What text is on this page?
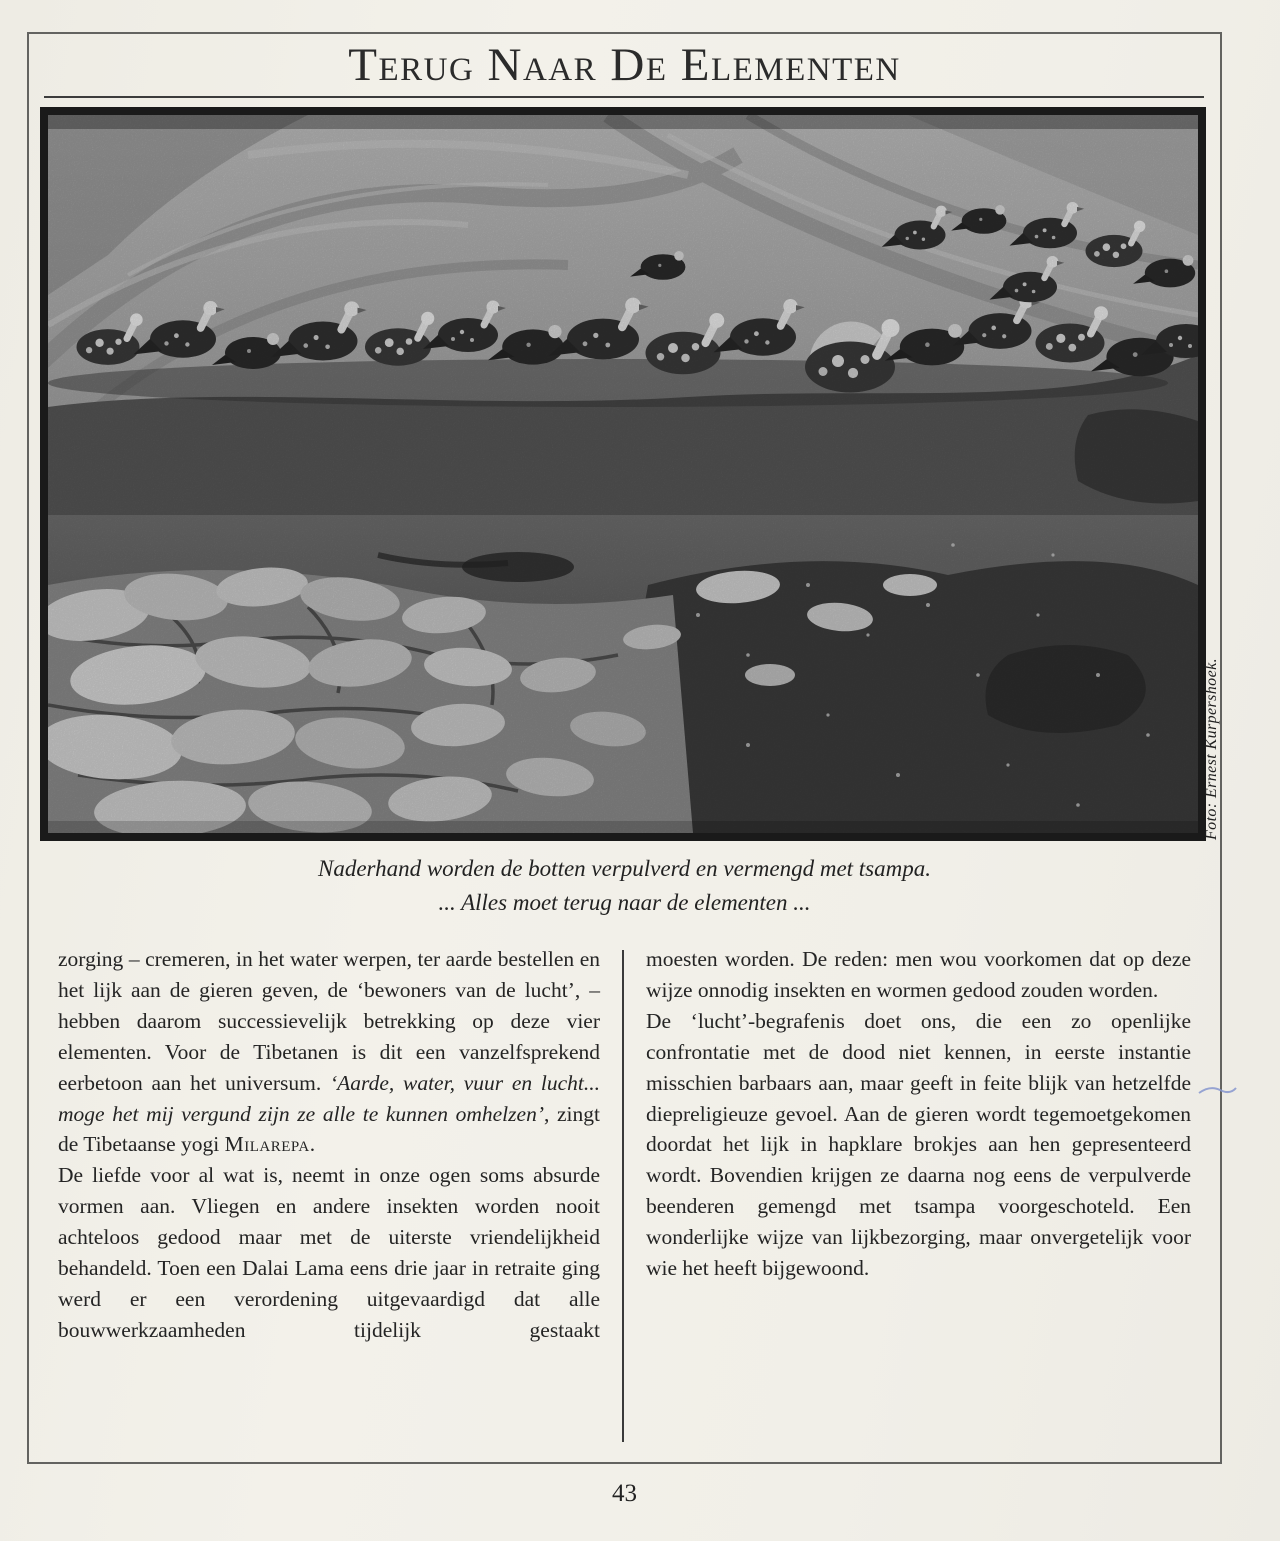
Terug Naar De Elementen
Foto: Ernest Kurpershoek.
Naderhand worden de botten verpulverd en vermengd met tsampa.
... Alles moet terug naar de elementen ...

zorging – cremeren, in het water werpen, ter aarde bestellen en het lijk aan de gieren geven, de ‘bewoners van de lucht’, – hebben daarom successievelijk betrekking op deze vier elementen. Voor de Tibetanen is dit een vanzelfsprekend eerbetoon aan het universum. ‘Aarde, water, vuur en lucht... moge het mij vergund zijn ze alle te kunnen omhelzen’, zingt de Tibetaanse yogi Milarepa.

De liefde voor al wat is, neemt in onze ogen soms absurde vormen aan. Vliegen en andere insekten worden nooit achteloos gedood maar met de uiterste vriendelijkheid behandeld. Toen een Dalai Lama eens drie jaar in retraite ging werd er een verordening uitgevaardigd dat alle bouwwerkzaamheden tijdelijk gestaakt

moesten worden. De reden: men wou voorkomen dat op deze wijze onnodig insekten en wormen gedood zouden worden.

De ‘lucht’-begrafenis doet ons, die een zo openlijke confrontatie met de dood niet kennen, in eerste instantie misschien barbaars aan, maar geeft in feite blijk van hetzelfde diepreligieuze gevoel. Aan de gieren wordt tegemoetgekomen doordat het lijk in hapklare brokjes aan hen gepresenteerd wordt. Bovendien krijgen ze daarna nog eens de verpulverde beenderen gemengd met tsampa voorgeschoteld. Een wonderlijke wijze van lijkbezorging, maar onvergetelijk voor wie het heeft bijgewoond.

43
